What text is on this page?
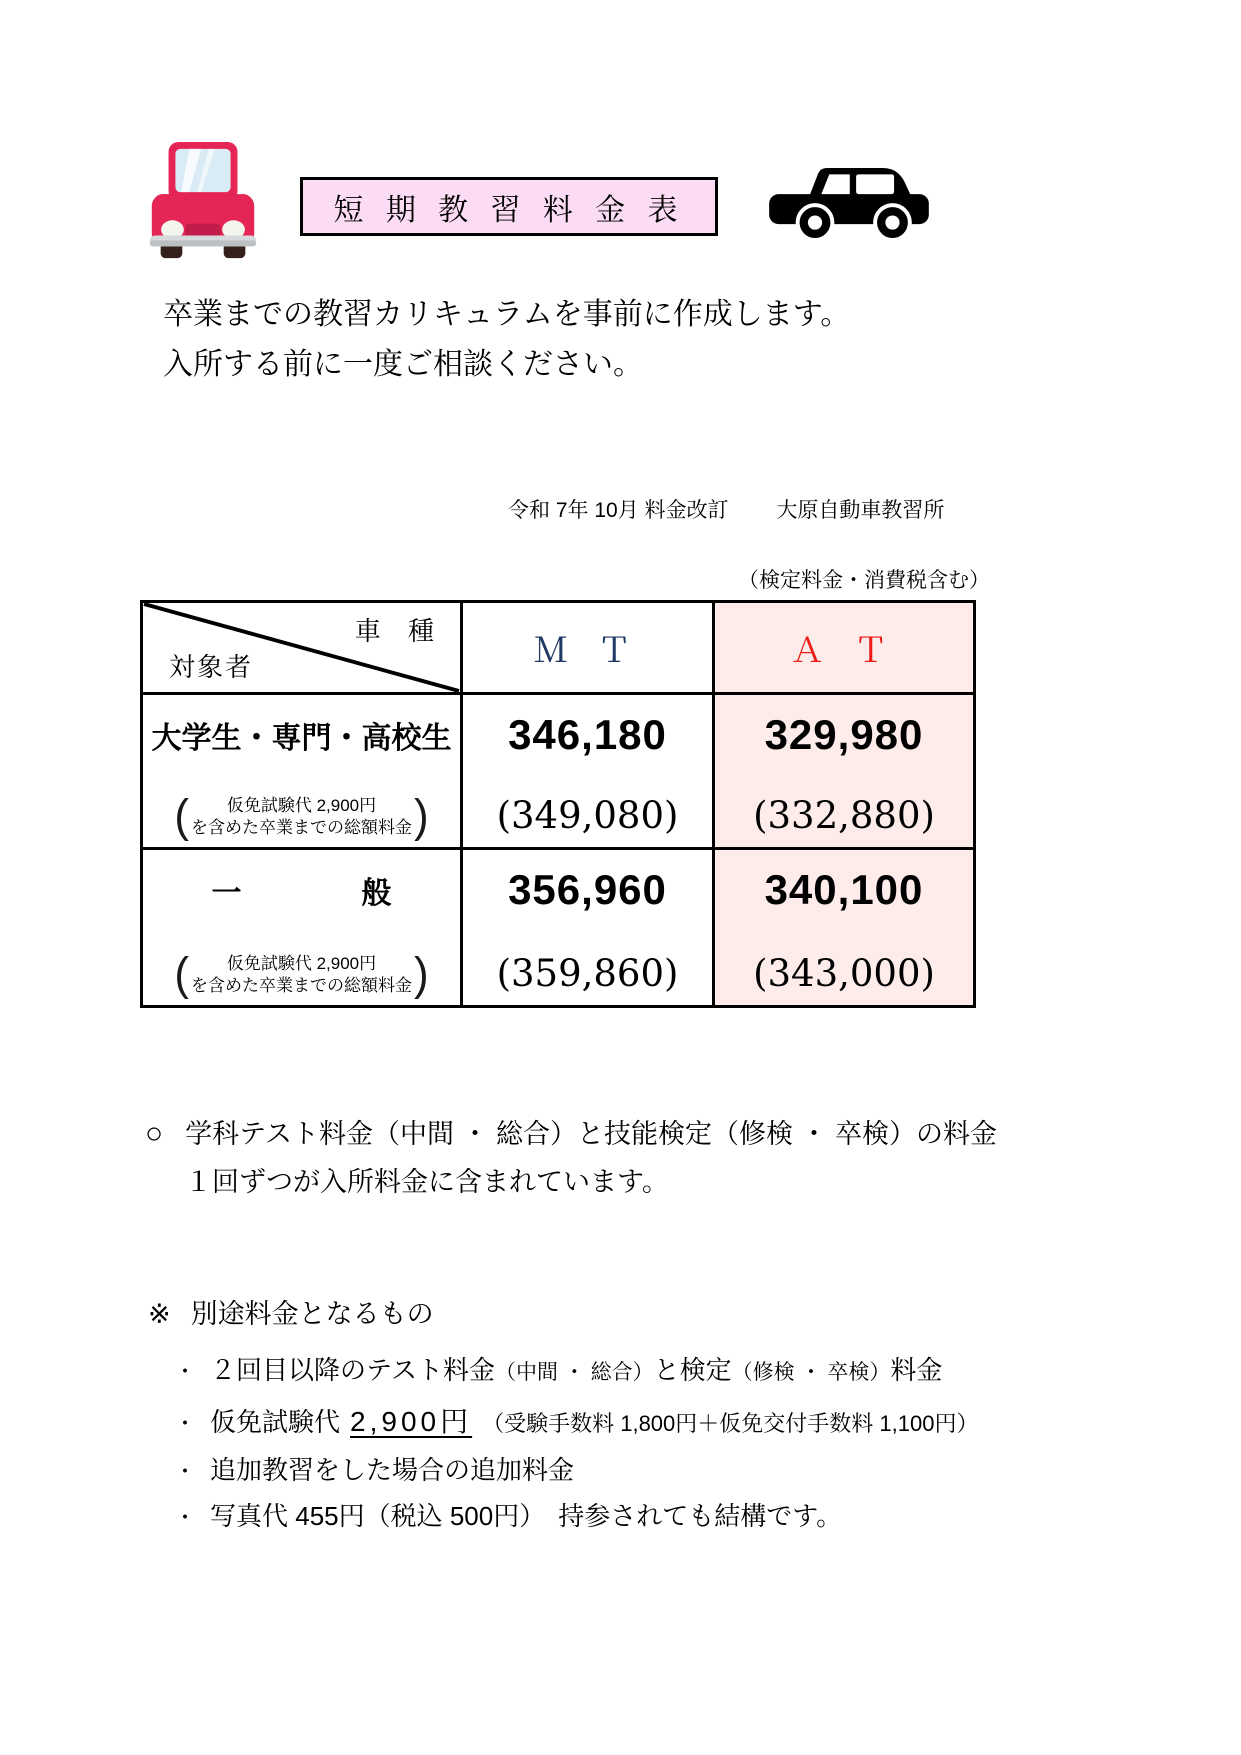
短 期 教 習 料 金 表
卒業までの教習カリキュラムを事前に作成します。
入所する前に一度ご相談ください。
令和 7年 10月 料金改訂 大原自動車教習所
（検定料金・消費税含む）
車 種
対象者	Ｍ Ｔ	Ａ Ｔ
大学生・専門・高校生
( 仮免試験代 2,900円
を含めた卒業までの総額料金 )
346,180
(349,080)
329,980
(332,880)
一　　　　般
( 仮免試験代 2,900円
を含めた卒業までの総額料金 )
356,960
(359,860)
340,100
(343,000)
○ 学科テスト料金（中間 ・ 総合）と技能検定（修検 ・ 卒検）の料金
１回ずつが入所料金に含まれています。
※ 別途料金となるもの
・ ２回目以降のテスト料金 （中間 ・ 総合） と検定 （修検 ・ 卒検） 料金
・ 仮免試験代 2,900円 （受験手数料 1,800円＋仮免交付手数料 1,100円）
・ 追加教習をした場合の追加料金
・ 写真代 455円（税込 500円）　持参されても結構です。
